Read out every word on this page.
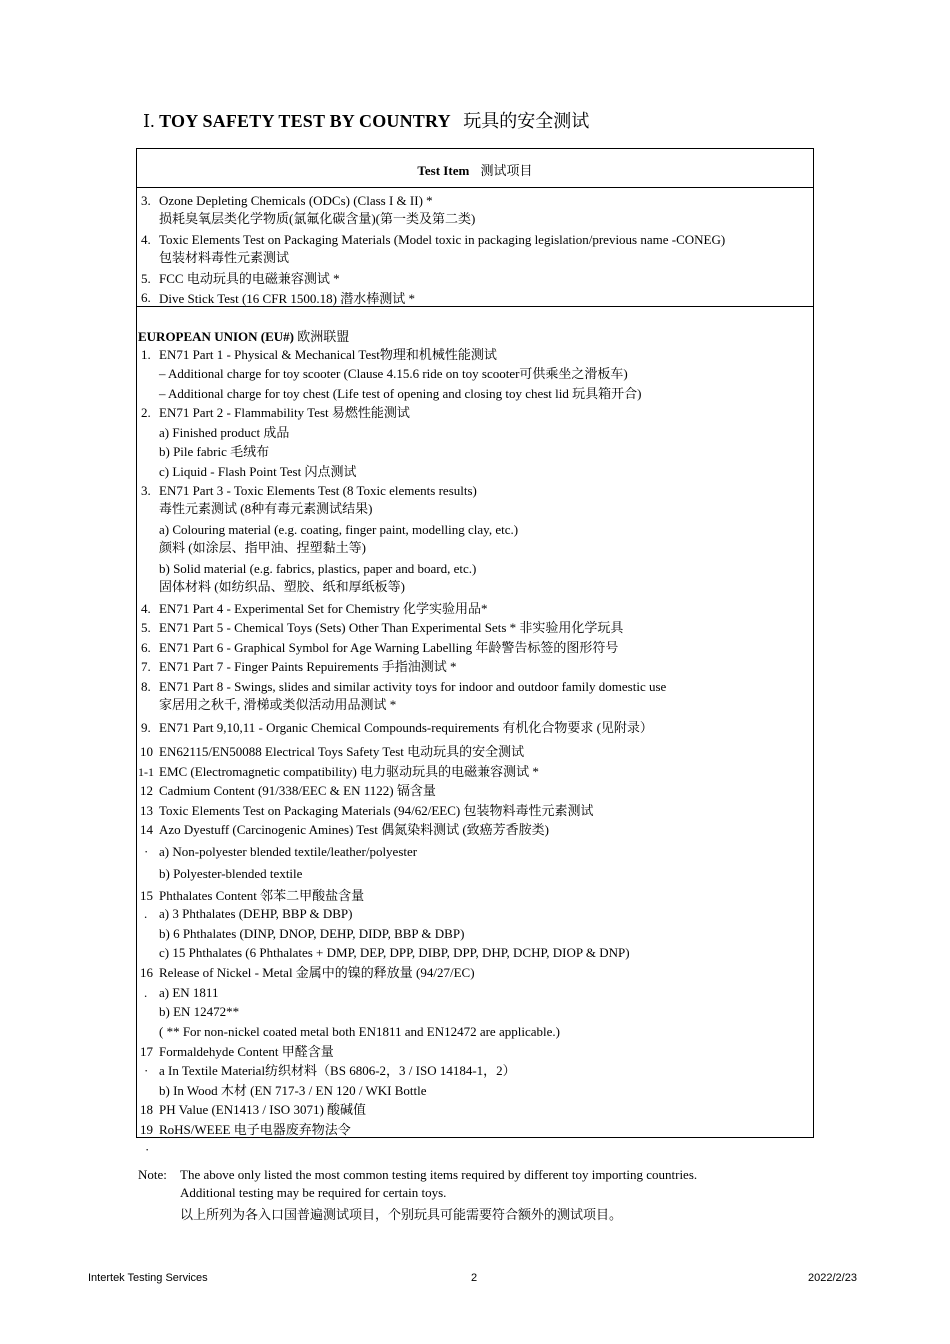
Ⅰ. TOY SAFETY TEST BY COUNTRY 玩具的安全测试
Test Item 测试项目
3. Ozone Depleting Chemicals (ODCs) (Class I & II) *
损耗臭氧层类化学物质(氯氟化碳含量)(第一类及第二类)
4. Toxic Elements Test on Packaging Materials (Model toxic in packaging legislation/previous name -CONEG)
包装材料毒性元素测试
5. FCC 电动玩具的电磁兼容测试 *
6. Dive Stick Test (16 CFR 1500.18) 潜水棒测试 *
EUROPEAN UNION (EU#) 欧洲联盟
1. EN71 Part 1 - Physical & Mechanical Test物理和机械性能测试
– Additional charge for toy scooter (Clause 4.15.6 ride on toy scooter可供乘坐之滑板车)
– Additional charge for toy chest (Life test of opening and closing toy chest lid 玩具箱开合)
2. EN71 Part 2 - Flammability Test 易燃性能测试
a) Finished product 成品
b) Pile fabric 毛绒布
c) Liquid - Flash Point Test 闪点测试
3. EN71 Part 3 - Toxic Elements Test (8 Toxic elements results)
毒性元素测试 (8种有毒元素测试结果)
a) Colouring material (e.g. coating, finger paint, modelling clay, etc.)
颜料 (如涂层、指甲油、捏塑黏土等)
b) Solid material (e.g. fabrics, plastics, paper and board, etc.)
固体材料 (如纺织品、塑胶、纸和厚纸板等)
4. EN71 Part 4 - Experimental Set for Chemistry 化学实验用品*
5. EN71 Part 5 - Chemical Toys (Sets) Other Than Experimental Sets * 非实验用化学玩具
6. EN71 Part 6 - Graphical Symbol for Age Warning Labelling 年龄警告标签的图形符号
7. EN71 Part 7 - Finger Paints Repuirements 手指油测试 *
8. EN71 Part 8 - Swings, slides and similar activity toys for indoor and outdoor family domestic use
家居用之秋千, 滑梯或类似活动用品测试 *
9. EN71 Part 9,10,11 - Organic Chemical Compounds-requirements 有机化合物要求 (见附录）
10 EN62115/EN50088 Electrical Toys Safety Test 电动玩具的安全测试
1-1 EMC (Electromagnetic compatibility) 电力驱动玩具的电磁兼容测试 *
12 Cadmium Content (91/338/EEC & EN 1122) 镉含量
13 Toxic Elements Test on Packaging Materials (94/62/EEC) 包装物料毒性元素测试
14 Azo Dyestuff (Carcinogenic Amines) Test 偶氮染料测试 (致癌芳香胺类)
· a) Non-polyester blended textile/leather/polyester
b) Polyester-blended textile
15 Phthalates Content 邻苯二甲酸盐含量
. a) 3 Phthalates (DEHP, BBP & DBP)
b) 6 Phthalates (DINP, DNOP, DEHP, DIDP, BBP & DBP)
c) 15 Phthalates (6 Phthalates + DMP, DEP, DPP, DIBP, DPP, DHP, DCHP, DIOP & DNP)
16 Release of Nickel - Metal 金属中的镍的释放量 (94/27/EC)
. a) EN 1811
b) EN 12472**
( ** For non-nickel coated metal both EN1811 and EN12472 are applicable.)
17 Formaldehyde Content 甲醛含量
· a In Textile Material纺织材料（BS 6806-2，3 / ISO 14184-1，2）
b) In Wood 木材 (EN 717-3 / EN 120 / WKI Bottle
18 PH Value (EN1413 / ISO 3071) 酸碱值
19 RoHS/WEEE 电子电器废弃物法令
·
Note: The above only listed the most common testing items required by different toy importing countries.
Additional testing may be required for certain toys.
以上所列为各入口国普遍测试项目，个别玩具可能需要符合额外的测试项目。
Intertek Testing Services	2	2022/2/23
